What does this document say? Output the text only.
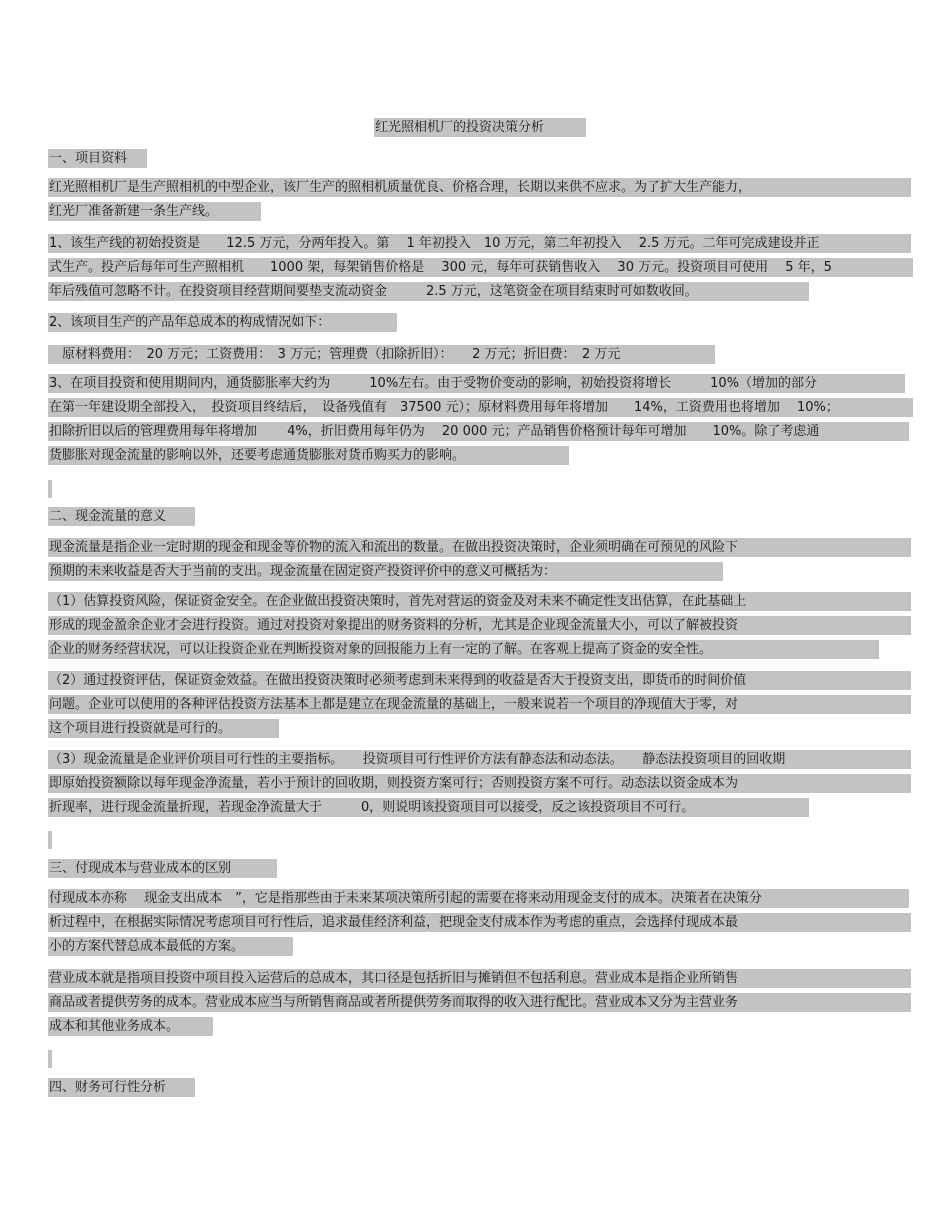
红光照相机厂的投资决策分析
一、项目资料
红光照相机厂是生产照相机的中型企业，该厂生产的照相机质量优良、价格合理，长期以来供不应求。为了扩大生产能力，
红光厂准备新建一条生产线。
1、该生产线的初始投资是　　12.5 万元，分两年投入。第　 1 年初投入　10 万元，第二年初投入　 2.5 万元。二年可完成建设并正
式生产。投产后每年可生产照相机　　1000 架，每架销售价格是　 300 元，每年可获销售收入　 30 万元。投资项目可使用　 5 年，5
年后残值可忽略不计。在投资项目经营期间要垫支流动资金　　　2.5 万元，这笔资金在项目结束时可如数收回。
2、该项目生产的产品年总成本的构成情况如下：
　原材料费用：　20 万元；工资费用：　3 万元；管理费（扣除折旧）：　　2 万元；折旧费：　2 万元
3、在项目投资和使用期间内，通货膨胀率大约为　　　10%左右。由于受物价变动的影响，初始投资将增长　　　10%（增加的部分
在第一年建设期全部投入，　投资项目终结后，　设备残值有　37500 元）；原材料费用每年将增加　　14%，工资费用也将增加　 10%；
扣除折旧以后的管理费用每年将增加　　 4%，折旧费用每年仍为　 20 000 元；产品销售价格预计每年可增加　　10%。除了考虑通
货膨胀对现金流量的影响以外，还要考虑通货膨胀对货币购买力的影响。
二、现金流量的意义
现金流量是指企业一定时期的现金和现金等价物的流入和流出的数量。在做出投资决策时，企业须明确在可预见的风险下
预期的未来收益是否大于当前的支出。现金流量在固定资产投资评价中的意义可概括为：
（1）估算投资风险，保证资金安全。在企业做出投资决策时，首先对营运的资金及对未来不确定性支出估算，在此基础上
形成的现金盈余企业才会进行投资。通过对投资对象提出的财务资料的分析，尤其是企业现金流量大小，可以了解被投资
企业的财务经营状况，可以让投资企业在判断投资对象的回报能力上有一定的了解。在客观上提高了资金的安全性。
（2）通过投资评估，保证资金效益。在做出投资决策时必须考虑到未来得到的收益是否大于投资支出，即货币的时间价值
问题。企业可以使用的各种评估投资方法基本上都是建立在现金流量的基础上，一般来说若一个项目的净现值大于零，对
这个项目进行投资就是可行的。
（3）现金流量是企业评价项目可行性的主要指标。　　投资项目可行性评价方法有静态法和动态法。　　静态法投资项目的回收期
即原始投资额除以每年现金净流量，若小于预计的回收期，则投资方案可行；否则投资方案不可行。动态法以资金成本为
折现率，进行现金流量折现，若现金净流量大于　　　0，则说明该投资项目可以接受，反之该投资项目不可行。
三、付现成本与营业成本的区别
付现成本亦称　 现金支出成本　”，它是指那些由于未来某项决策所引起的需要在将来动用现金支付的成本。决策者在决策分
析过程中，在根据实际情况考虑项目可行性后，追求最佳经济利益，把现金支付成本作为考虑的重点，会选择付现成本最
小的方案代替总成本最低的方案。
营业成本就是指项目投资中项目投入运营后的总成本，其口径是包括折旧与摊销但不包括利息。营业成本是指企业所销售
商品或者提供劳务的成本。营业成本应当与所销售商品或者所提供劳务而取得的收入进行配比。营业成本又分为主营业务
成本和其他业务成本。
四、财务可行性分析
